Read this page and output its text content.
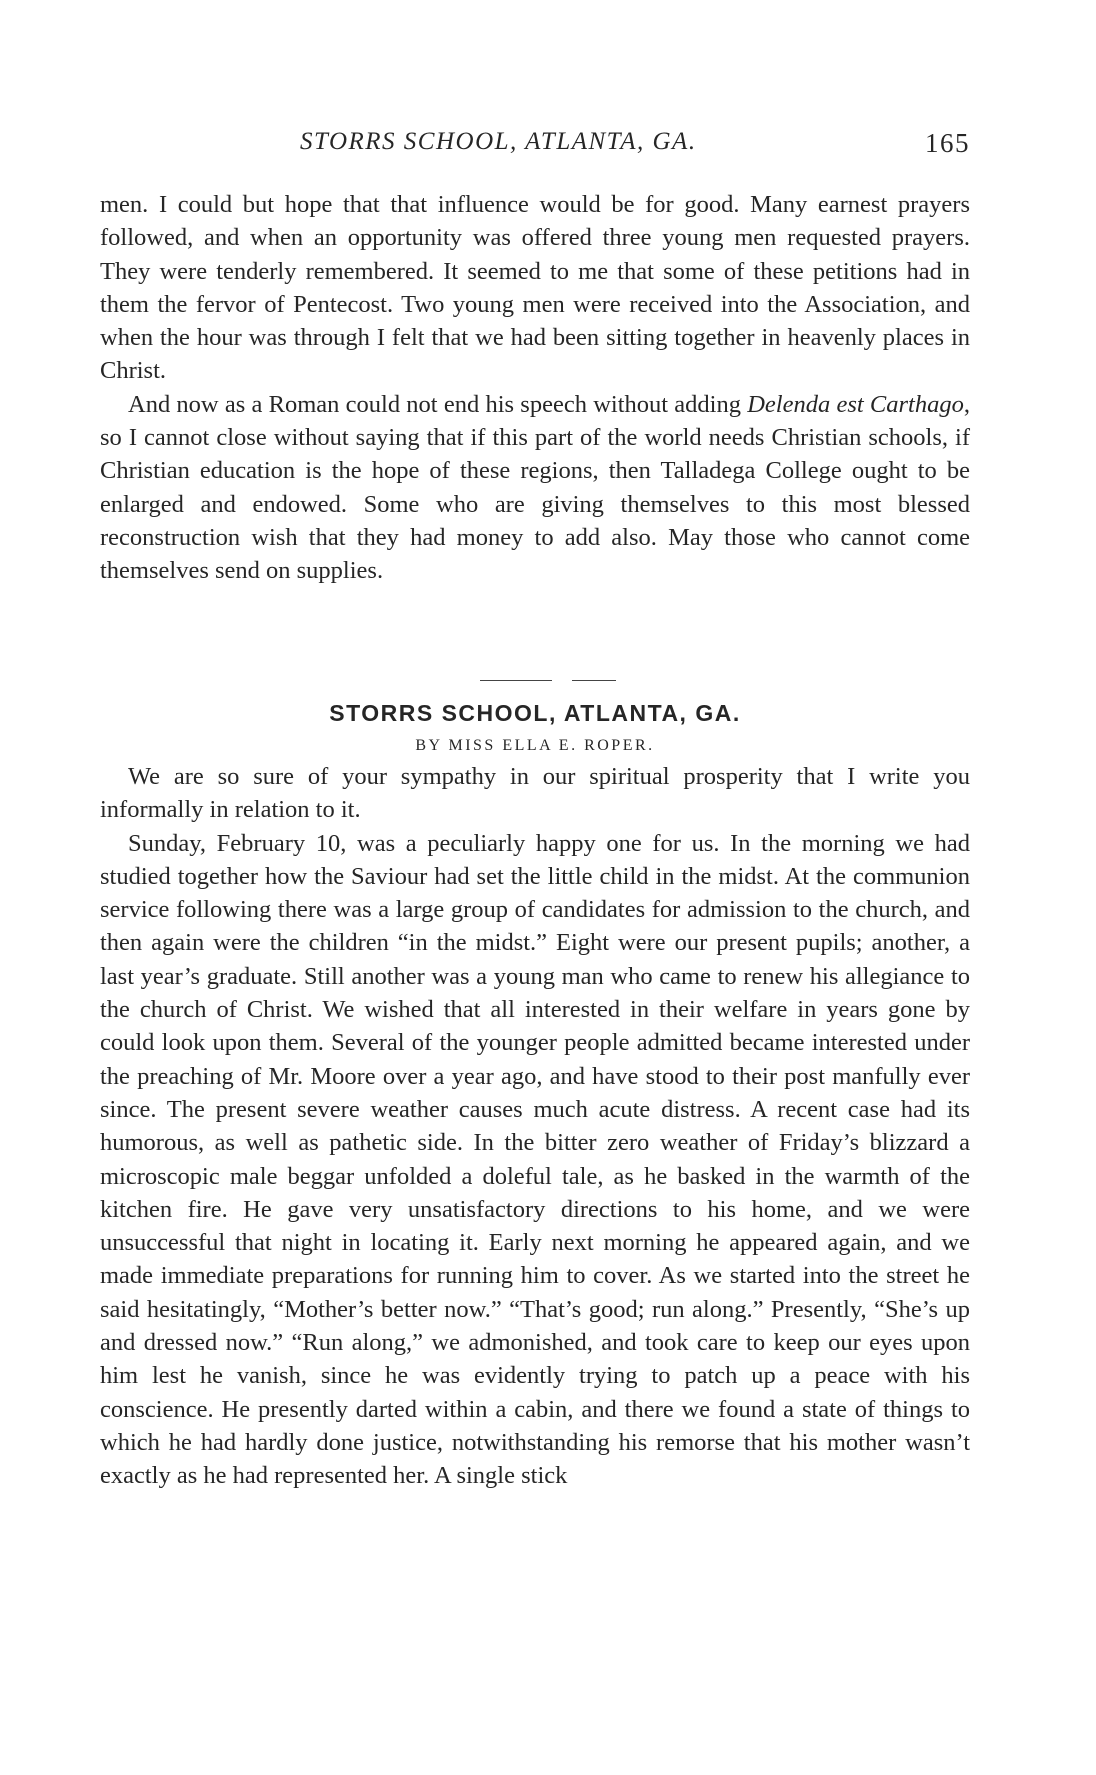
STORRS SCHOOL, ATLANTA, GA.	165

men. I could but hope that that influence would be for good. Many earnest prayers followed, and when an opportunity was offered three young men requested prayers. They were tenderly remembered. It seemed to me that some of these petitions had in them the fervor of Pentecost. Two young men were received into the Association, and when the hour was through I felt that we had been sitting together in heavenly places in Christ.

And now as a Roman could not end his speech without adding Delenda est Carthago, so I cannot close without saying that if this part of the world needs Christian schools, if Christian education is the hope of these regions, then Talladega College ought to be enlarged and endowed. Some who are giving themselves to this most blessed reconstruction wish that they had money to add also. May those who cannot come themselves send on supplies.

STORRS SCHOOL, ATLANTA, GA.
BY MISS ELLA E. ROPER.

We are so sure of your sympathy in our spiritual prosperity that I write you informally in relation to it.

Sunday, February 10, was a peculiarly happy one for us. In the morning we had studied together how the Saviour had set the little child in the midst. At the communion service following there was a large group of candidates for admission to the church, and then again were the children “in the midst.” Eight were our present pupils; another, a last year’s graduate. Still another was a young man who came to renew his allegiance to the church of Christ. We wished that all interested in their welfare in years gone by could look upon them. Several of the younger people admitted became interested under the preaching of Mr. Moore over a year ago, and have stood to their post manfully ever since. The present severe weather causes much acute distress. A recent case had its humorous, as well as pathetic side. In the bitter zero weather of Friday’s blizzard a microscopic male beggar unfolded a doleful tale, as he basked in the warmth of the kitchen fire. He gave very unsatisfactory directions to his home, and we were unsuccessful that night in locating it. Early next morning he appeared again, and we made immediate preparations for running him to cover. As we started into the street he said hesitatingly, “Mother’s better now.” “That’s good; run along.” Presently, “She’s up and dressed now.” “Run along,” we admonished, and took care to keep our eyes upon him lest he vanish, since he was evidently trying to patch up a peace with his conscience. He presently darted within a cabin, and there we found a state of things to which he had hardly done justice, notwithstanding his remorse that his mother wasn’t exactly as he had represented her. A single stick
